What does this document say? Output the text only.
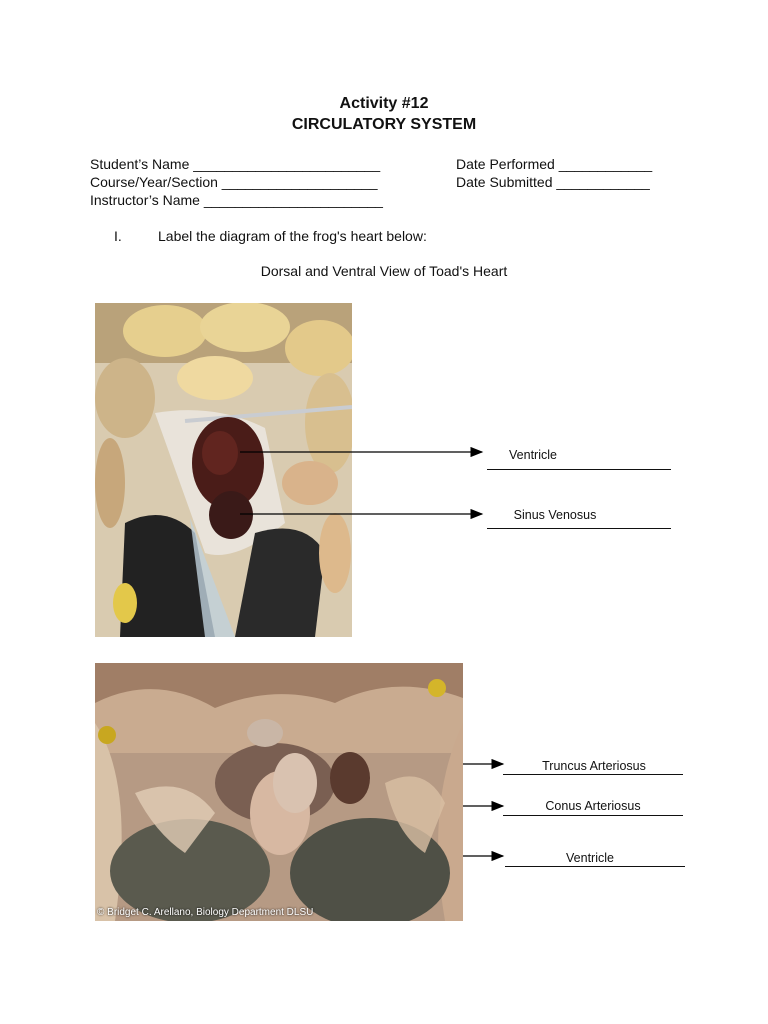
Activity #12
CIRCULATORY SYSTEM
Student’s Name ________________________	Date Performed ____________
Course/Year/Section ____________________	Date Submitted ____________
Instructor’s Name _______________________
I.	Label the diagram of the frog's heart below:
Dorsal and Ventral View of Toad's Heart
Ventricle
Sinus Venosus
© Bridget C. Arellano, Biology Department DLSU
Truncus Arteriosus
Conus Arteriosus
Ventricle
